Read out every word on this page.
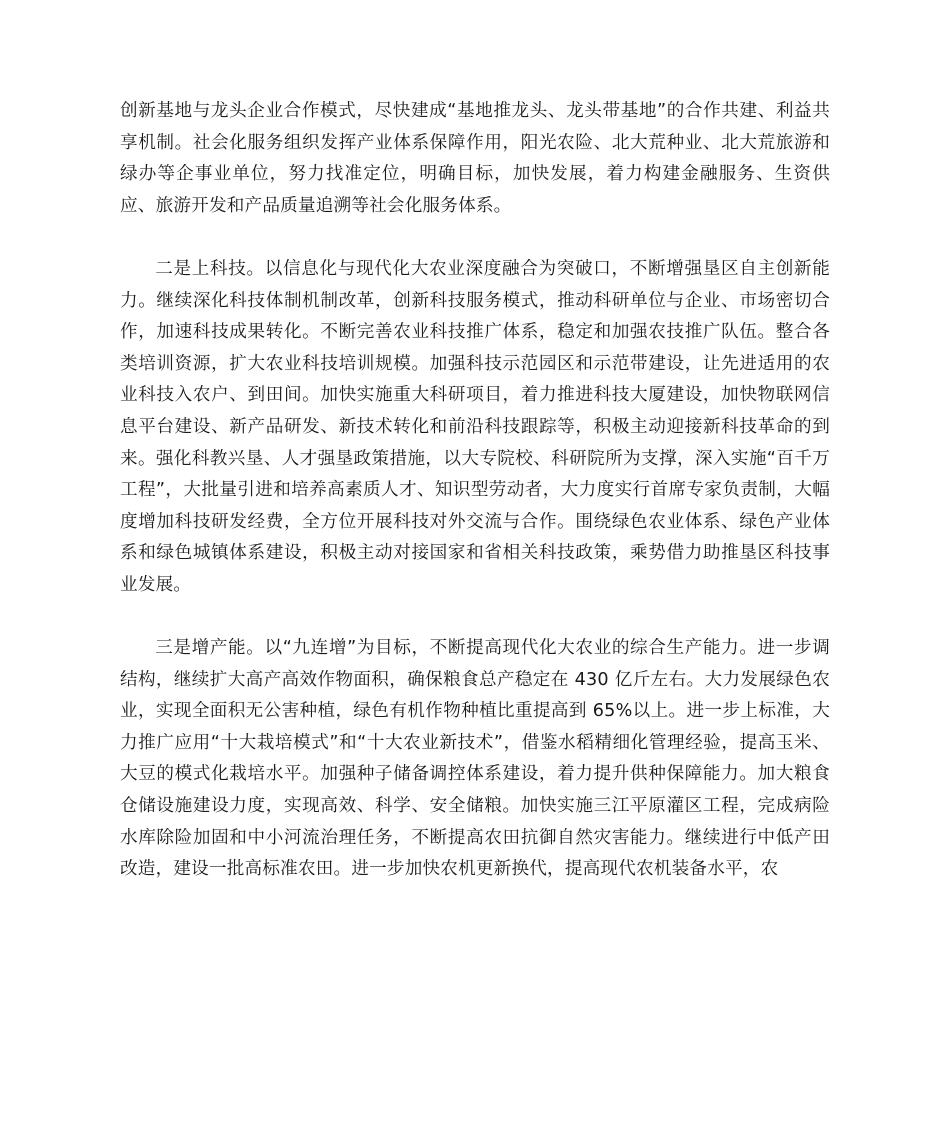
创新基地与龙头企业合作模式，尽快建成“基地推龙头、龙头带基地”的合作共建、利益共享机制。社会化服务组织发挥产业体系保障作用，阳光农险、北大荒种业、北大荒旅游和绿办等企事业单位，努力找准定位，明确目标，加快发展，着力构建金融服务、生资供应、旅游开发和产品质量追溯等社会化服务体系。

二是上科技。以信息化与现代化大农业深度融合为突破口，不断增强垦区自主创新能力。继续深化科技体制机制改革，创新科技服务模式，推动科研单位与企业、市场密切合作，加速科技成果转化。不断完善农业科技推广体系，稳定和加强农技推广队伍。整合各类培训资源，扩大农业科技培训规模。加强科技示范园区和示范带建设，让先进适用的农业科技入农户、到田间。加快实施重大科研项目，着力推进科技大厦建设，加快物联网信息平台建设、新产品研发、新技术转化和前沿科技跟踪等，积极主动迎接新科技革命的到来。强化科教兴垦、人才强垦政策措施，以大专院校、科研院所为支撑，深入实施“百千万工程”，大批量引进和培养高素质人才、知识型劳动者，大力度实行首席专家负责制，大幅度增加科技研发经费，全方位开展科技对外交流与合作。围绕绿色农业体系、绿色产业体系和绿色城镇体系建设，积极主动对接国家和省相关科技政策，乘势借力助推垦区科技事业发展。

三是增产能。以“九连增”为目标，不断提高现代化大农业的综合生产能力。进一步调结构，继续扩大高产高效作物面积，确保粮食总产稳定在 430 亿斤左右。大力发展绿色农业，实现全面积无公害种植，绿色有机作物种植比重提高到 65%以上。进一步上标准，大力推广应用“十大栽培模式”和“十大农业新技术”，借鉴水稻精细化管理经验，提高玉米、大豆的模式化栽培水平。加强种子储备调控体系建设，着力提升供种保障能力。加大粮食仓储设施建设力度，实现高效、科学、安全储粮。加快实施三江平原灌区工程，完成病险水库除险加固和中小河流治理任务，不断提高农田抗御自然灾害能力。继续进行中低产田改造，建设一批高标准农田。进一步加快农机更新换代，提高现代农机装备水平，农
